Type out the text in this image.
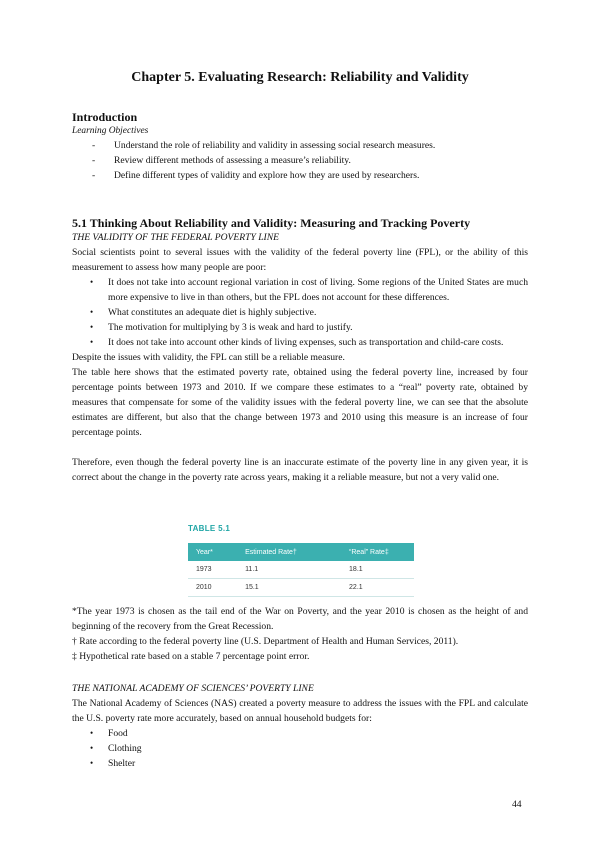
Chapter 5. Evaluating Research: Reliability and Validity
Introduction
Learning Objectives
- Understand the role of reliability and validity in assessing social research measures.
- Review different methods of assessing a measure’s reliability.
- Define different types of validity and explore how they are used by researchers.
5.1 Thinking About Reliability and Validity: Measuring and Tracking Poverty
THE VALIDITY OF THE FEDERAL POVERTY LINE
Social scientists point to several issues with the validity of the federal poverty line (FPL), or the ability of this measurement to assess how many people are poor:
• It does not take into account regional variation in cost of living. Some regions of the United States are much more expensive to live in than others, but the FPL does not account for these differences.
• What constitutes an adequate diet is highly subjective.
• The motivation for multiplying by 3 is weak and hard to justify.
• It does not take into account other kinds of living expenses, such as transportation and child-care costs.
Despite the issues with validity, the FPL can still be a reliable measure.
The table here shows that the estimated poverty rate, obtained using the federal poverty line, increased by four percentage points between 1973 and 2010. If we compare these estimates to a “real” poverty rate, obtained by measures that compensate for some of the validity issues with the federal poverty line, we can see that the absolute estimates are different, but also that the change between 1973 and 2010 using this measure is an increase of four percentage points.
Therefore, even though the federal poverty line is an inaccurate estimate of the poverty line in any given year, it is correct about the change in the poverty rate across years, making it a reliable measure, but not a very valid one.
TABLE 5.1
Year*	Estimated Rate†	“Real” Rate‡
1973	11.1	18.1
2010	15.1	22.1
*The year 1973 is chosen as the tail end of the War on Poverty, and the year 2010 is chosen as the height of and beginning of the recovery from the Great Recession.
† Rate according to the federal poverty line (U.S. Department of Health and Human Services, 2011).
‡ Hypothetical rate based on a stable 7 percentage point error.
THE NATIONAL ACADEMY OF SCIENCES’ POVERTY LINE
The National Academy of Sciences (NAS) created a poverty measure to address the issues with the FPL and calculate the U.S. poverty rate more accurately, based on annual household budgets for:
• Food
• Clothing
• Shelter
44
